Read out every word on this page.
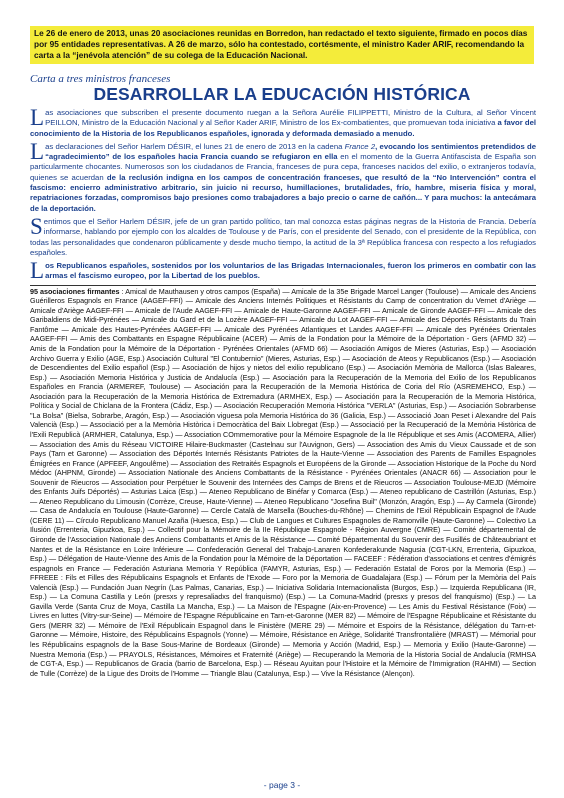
Le 26 de enero de 2013, unas 20 asociaciones reunidas en Borredon, han redactado el texto siguiente, firmado en pocos días por 95 entidades representativas. A 26 de marzo, sólo ha contestado, cortésmente, el ministro Kader ARIF, recomendando la carta a la “jenévola atención” de su colega de la Educación Nacional.
Carta a tres ministros franceses
DESARROLLAR LA EDUCACIÓN HISTÓRICA

Las asociaciones que subscriben el presente documento ruegan a la Señora Aurélie FILIPPETTI, Ministro de la Cultura, al Señor Vincent PEILLON, Ministro de la Educación Nacional y al Señor Kader ARIF, Ministro de los Ex-combatientes, que promuevan toda iniciativa a favor del conocimiento de la Historia de los Republicanos españoles, ignorada y deformada demasiado a menudo.

Las declaraciones del Señor Harlem DÉSIR, el lunes 21 de enero de 2013 en la cadena France 2, evocando los sentimientos pretendidos de “agradecimiento” de los españoles hacia Francia cuando se refugiaron en ella en el momento de la Guerra Antifascista de España son particularmente chocantes. Numerosos son los ciudadanos de Francia, franceses de pura cepa, franceses nacidos del exilio, o extranjeros todavía, quienes se acuerdan de la reclusión indigna en los campos de concentración franceses, que resultó de la “No Intervención” contra el fascismo: encierro administrativo arbitrario, sin juicio ni recurso, humillaciones, brutalidades, frío, hambre, miseria física y moral, repatriaciones forzadas, compromisos bajo presiones como trabajadores a bajo precio o carne de cañón... Y para muchos: la antecámara de la deportación.

Sentimos que el Señor Harlem DÉSIR, jefe de un gran partido político, tan mal conozca estas páginas negras de la Historia de Francia. Debería informarse, hablando por ejemplo con los alcaldes de Toulouse y de París, con el presidente del Senado, con el presidente de la República, con todas las personalidades que condenaron públicamente y desde mucho tiempo, la actitud de la 3ª República francesa con respecto a los refugiados españoles.

Los Republicanos españoles, sostenidos por los voluntarios de las Brigadas Internacionales, fueron los primeros en combatir con las armas el fascismo europeo, por la Libertad de los pueblos.

95 asociaciones firmantes : Amical de Mauthausen y otros campos (España) — Amicale de la 35e Brigade Marcel Langer (Toulouse) — Amicale des Anciens Guérilleros Espagnols en France (AAGEF-FFI) — Amicale des Anciens Internés Politiques et Résistants du Camp de concentration du Vernet d'Ariège — Amicale d'Ariège AAGEF-FFI — Amicale de l'Aude AAGEF-FFI — Amicale de Haute-Garonne AAGEF-FFI — Amicale de Gironde AAGEF-FFI — Amicale des Garibaldiens de Midi-Pyrénées — Amicale du Gard et de la Lozère AAGEF-FFI — Amicale du Lot AAGEF-FFI — Amicale des Déportés Résistants du Train Fantôme — Amicale des Hautes-Pyrénées AAGEF-FFI — Amicale des Pyrénées Atlantiques et Landes AAGEF-FFI — Amicale des Pyrénées Orientales AAGEF-FFI — Amis des Combattants en Espagne Républicaine (ACER) — Amis de la Fondation pour la Mémoire de la Déportation - Gers (AFMD 32) — Amis de la Fondation pour la Mémoire de la Déportation - Pyrénées Orientales (AFMD 66) — Asociación Amigos de Mieres (Asturias, Esp.) — Asociación Archivo Guerra y Exilio (AGE, Esp.) Asociación Cultural "El Contubernio" (Mieres, Asturias, Esp.) — Asociación de Ateos y Republicanos (Esp.) — Asociación de Descendientes del Exilio español (Esp.) — Asociación de hijos y nietos del exilio republicano (Esp.) — Asociación Memòria de Mallorca (Islas Baleares, Esp.) — Asociación Memoria Histórica y Justicia de Andalucía (Esp.) — Asociación para la Recuperación de la Memoria del Exilio de los Republicanos Españoles en Francia (ARMEREF, Toulouse) — Asociación para la Recuperación de la Memoria Histórica de Coria del Río (ASREMEHCO, Esp.) — Asociación para la Recuperación de la Memoria Histórica de Extremadura (ARMHEX, Esp.) — Asociación para la Recuperación de la Memoria Histórica, Política y Social de Chiclana de la Frontera (Cádiz, Esp.) — Asociación Recuperación Memoria Histórica "VERLA" (Asturias, Esp.) — Asociación Sobrarbense "La Bolsa" (Bielsa, Sobrarbe, Aragón, Esp.) — Asociación viguesa pola Memoria Histórica do 36 (Galicia, Esp.) — Associació Joan Peset i Alexandre del País Valencià (Esp.) — Associació per a la Memòria Històrica i Democràtica del Baix Llobregat (Esp.) — Associació per la Recuperació de la Memòria Històrica de l'Exili Republicà (ARMHER, Catalunya, Esp.) — Association COmmemorative pour la Mémoire Espagnole de la IIe République et ses Amis (ACOMERA, Allier) — Association des Amis du Réseau VICTOIRE Hilaire-Buckmaster (Castelnau sur l'Auvignon, Gers) — Association des Amis du Vieux Caussade et de son Pays (Tarn et Garonne) — Association des Déportés Internés Résistants Patriotes de la Haute-Vienne — Association des Parents de Familles Espagnoles Émigrées en France (APFEEF, Angoulême) — Association des Retraités Espagnols et Européens de la Gironde — Association Historique de la Poche du Nord Médoc (AHPNM, Gironde) — Association Nationale des Anciens Combattants de la Résistance - Pyrénées Orientales (ANACR 66) — Association pour le Souvenir de Rieucros — Association pour Perpétuer le Souvenir des Internées des Camps de Brens et de Rieucros — Association Toulouse-MEJD (Mémoire des Enfants Juifs Déportés) — Asturias Laica (Esp.) — Ateneo Republicano de Binéfar y Comarca (Esp.) — Ateneo republicano de Castrillón (Asturias, Esp.) — Ateneo Republicano du Limousin (Corrèze, Creuse, Haute-Vienne) — Ateneo Republicano "Josefina Buil" (Monzón, Aragón, Esp.) — Ay Carmela (Gironde) — Casa de Andalucía en Toulouse (Haute-Garonne) — Cercle Català de Marsella (Bouches-du-Rhône) — Chemins de l'Exil Républicain Espagnol de l'Aude (CERE 11) — Círculo Republicano Manuel Azaña (Huesca, Esp.) — Club de Langues et Cultures Espagnoles de Ramonville (Haute-Garonne) — Colectivo La Ilusión (Errenteria, Gipuzkoa, Esp.) — Collectif pour la Mémoire de la IIe République Espagnole - Région Auvergne (CMRE) — Comité départemental de Gironde de l'Association Nationale des Anciens Combattants et Amis de la Résistance — Comité Départemental du Souvenir des Fusillés de Châteaubriant et Nantes et de la Résistance en Loire Inférieure — Confederación General del Trabajo-Lanaren Konfederakunde Nagusia (CGT-LKN, Errenteria, Gipuzkoa, Esp.) — Délégation de Haute-Vienne des Amis de la Fondation pour la Mémoire de la Déportation — FACEEF : Fédération d'associations et centres d'émigrés espagnols en France — Federación Asturiana Memoria Y República (FAMYR, Asturias, Esp.) — Federación Estatal de Foros por la Memoria (Esp.) — FFREEE : Fils et Filles des Républicains Espagnols et Enfants de l'Exode — Foro por la Memoria de Guadalajara (Esp.) — Fórum per la Memòria del País Valencià (Esp.) — Fundación Juan Negrín (Las Palmas, Canarias, Esp.) — Iniciativa Solidaria Internacionalista (Burgos, Esp.) — Izquierda Republicana (IR, Esp.) — La Comuna Castilla y León (presxs y represaliadxs del franquismo) (Esp.) — La Comuna-Madrid (presxs y presos del franquismo) (Esp.) — La Gavilla Verde (Santa Cruz de Moya, Castilla La Mancha, Esp.) — La Maison de l'Espagne (Aix-en-Provence) — Les Amis du Festival Résistance (Foix) — Livres en luttes (Vitry-sur-Seine) — Mémoire de l'Espagne Républicaine en Tarn-et-Garonne (MER 82) — Mémoire de l'Espagne Républicaine et Résistante du Gers (MERR 32) — Mémoire de l'Exil Républicain Espagnol dans le Finistère (MERE 29) — Mémoire et Espoirs de la Résistance, délégation du Tarn-et-Garonne — Mémoire, Histoire, des Républicains Espagnols (Yonne) — Mémoire, Résistance en Ariège, Solidarité Transfrontalière (MRAST) — Mémorial pour les Républicains espagnols de la Base Sous-Marine de Bordeaux (Gironde) — Memoria y Acción (Madrid, Esp.) — Memoria y Exilio (Haute-Garonne) — Nuestra Memoria (Esp.) — PRAYOLS, Résistances, Mémoires et Fraternité (Ariège) — Recuperando la Memoria de la Historia Social de Andalucía (RMHSA de CGT-A, Esp.) — Republicanos de Gracia (barrio de Barcelona, Esp.) — Réseau Ayuitan pour l'Histoire et la Mémoire de l'Immigration (RAHMI) — Section de Tulle (Corrèze) de la Ligue des Droits de l'Homme — Triangle Blau (Catalunya, Esp.) — Vive la Résistance (Alençon).
- page 3 -
